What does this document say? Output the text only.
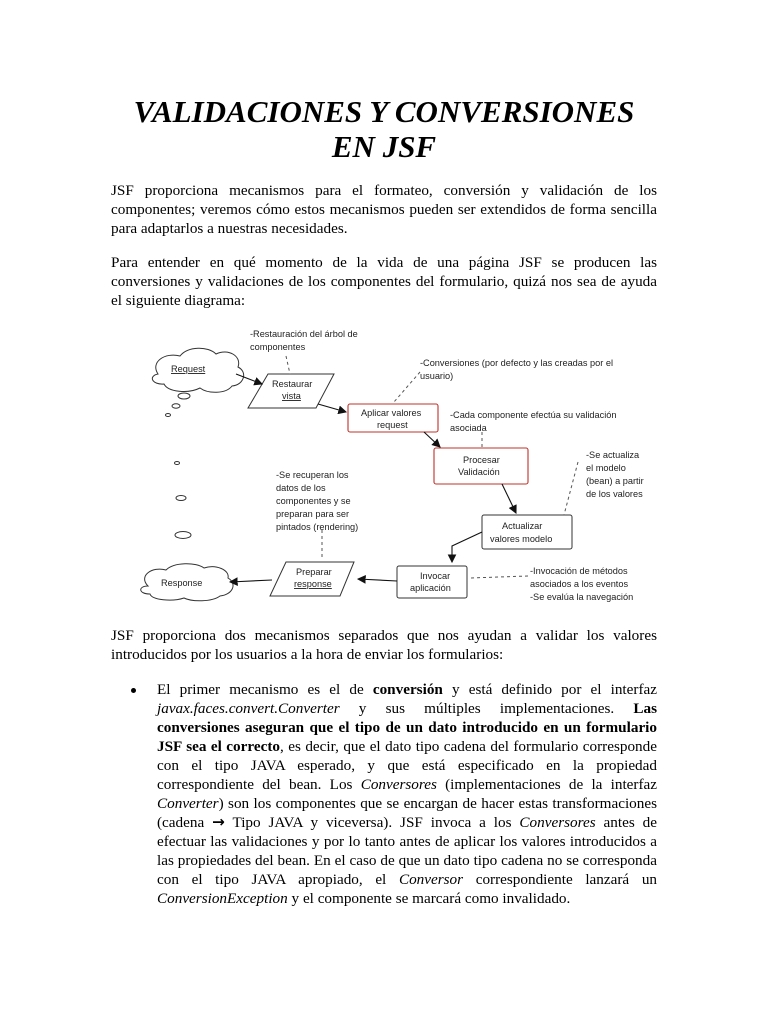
VALIDACIONES Y CONVERSIONES
EN JSF

JSF proporciona mecanismos para el formateo, conversión y validación de los componentes; veremos cómo estos mecanismos pueden ser extendidos de forma sencilla para adaptarlos a nuestras necesidades.

Para entender en qué momento de la vida de una página JSF se producen las conversiones y validaciones de los componentes del formulario, quizá nos sea de ayuda el siguiente diagrama:

Request
Response
Restaurar
vista
Aplicar valores
request
Procesar
Validación
Actualizar
valores modelo
Invocar
aplicación
Preparar
response
-Restauración del árbol de
componentes
-Conversiones (por defecto y las creadas por el
usuario)
-Cada componente efectúa su validación
asociada
-Se actualiza
el modelo
(bean) a partir
de los valores
-Se recuperan los
datos de los
componentes y se
preparan para ser
pintados (rendering)
-Invocación de métodos
asociados a los eventos
-Se evalúa la navegación

JSF proporciona dos mecanismos separados que nos ayudan a validar los valores introducidos por los usuarios a la hora de enviar los formularios:

El primer mecanismo es el de conversión y está definido por el interfaz javax.faces.convert.Converter y sus múltiples implementaciones. Las conversiones aseguran que el tipo de un dato introducido en un formulario JSF sea el correcto, es decir, que el dato tipo cadena del formulario corresponde con el tipo JAVA esperado, y que está especificado en la propiedad correspondiente del bean. Los Conversores (implementaciones de la interfaz Converter) son los componentes que se encargan de hacer estas transformaciones (cadena → Tipo JAVA y viceversa). JSF invoca a los Conversores antes de efectuar las validaciones y por lo tanto antes de aplicar los valores introducidos a las propiedades del bean. En el caso de que un dato tipo cadena no se corresponda con el tipo JAVA apropiado, el Conversor correspondiente lanzará un ConversionException y el componente se marcará como invalidado.
